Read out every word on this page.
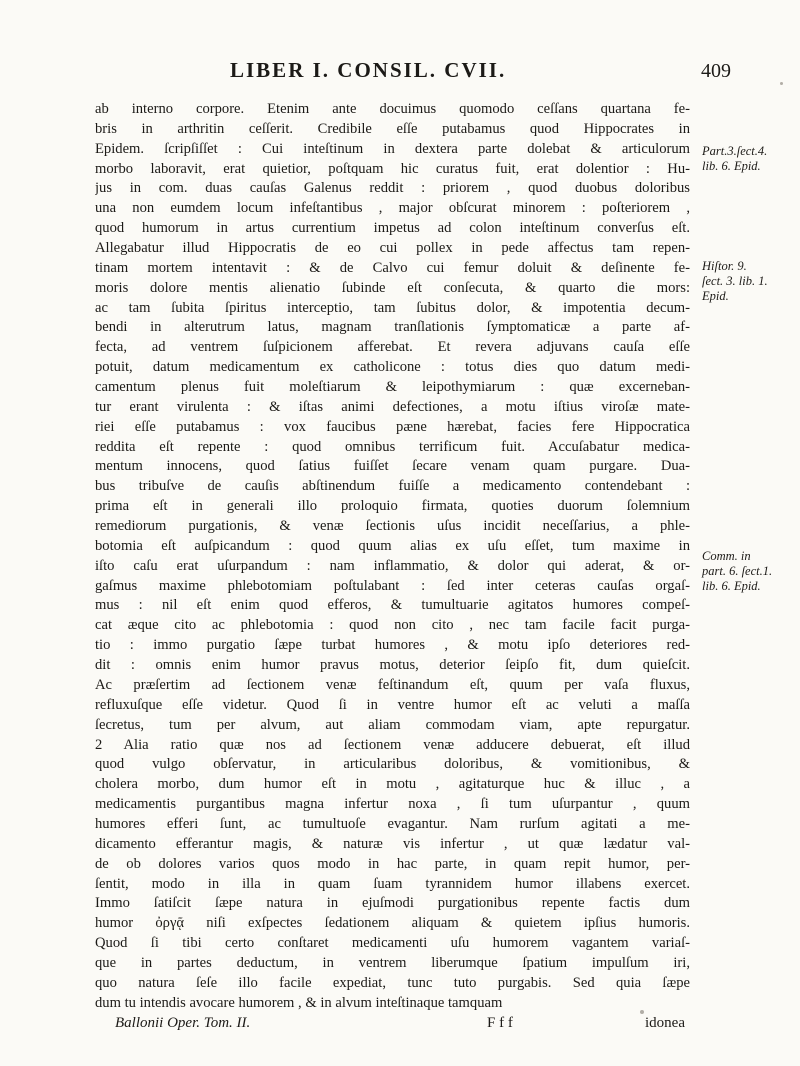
LIBER I. CONSIL. CVII.	409
ab interno corpore. Etenim ante docuimus quomodo ceſſans quartana fe-
bris in arthritin ceſſerit. Credibile eſſe putabamus quod Hippocrates in
Epidem. ſcripſiſſet : Cui inteſtinum in dextera parte dolebat & articulorum
morbo laboravit, erat quietior, poſtquam hic curatus fuit, erat dolentior : Hu-
jus in com. duas cauſas Galenus reddit : priorem , quod duobus doloribus
una non eumdem locum infeſtantibus , major obſcurat minorem : poſteriorem ,
quod humorum in artus currentium impetus ad colon inteſtinum converſus eſt.
Allegabatur illud Hippocratis de eo cui pollex in pede affectus tam repen-
tinam mortem intentavit : & de Calvo cui femur doluit & deſinente fe-
moris dolore mentis alienatio ſubinde eſt conſecuta, & quarto die mors:
ac tam ſubita ſpiritus interceptio, tam ſubitus dolor, & impotentia decum-
bendi in alterutrum latus, magnam tranſlationis ſymptomaticæ a parte af-
fecta, ad ventrem ſuſpicionem afferebat. Et revera adjuvans cauſa eſſe
potuit, datum medicamentum ex catholicone : totus dies quo datum medi-
camentum plenus fuit moleſtiarum & leipothymiarum : quæ excerneban-
tur erant virulenta : & iſtas animi defectiones, a motu iſtius viroſæ mate-
riei eſſe putabamus : vox faucibus pæne hærebat, facies fere Hippocratica
reddita eſt repente : quod omnibus terrificum fuit. Accuſabatur medica-
mentum innocens, quod ſatius fuiſſet ſecare venam quam purgare. Dua-
bus tribuſve de cauſis abſtinendum fuiſſe a medicamento contendebant :
prima eſt in generali illo proloquio firmata, quoties duorum ſolemnium
remediorum purgationis, & venæ ſectionis uſus incidit neceſſarius, a phle-
botomia eſt auſpicandum : quod quum alias ex uſu eſſet, tum maxime in
iſto caſu erat uſurpandum : nam inflammatio, & dolor qui aderat, & or-
gaſmus maxime phlebotomiam poſtulabant : ſed inter ceteras cauſas orgaſ-
mus : nil eſt enim quod efferos, & tumultuarie agitatos humores compeſ-
cat æque cito ac phlebotomia : quod non cito , nec tam facile facit purga-
tio : immo purgatio ſæpe turbat humores , & motu ipſo deteriores red-
dit : omnis enim humor pravus motus, deterior ſeipſo fit, dum quieſcit.
Ac præſertim ad ſectionem venæ feſtinandum eſt, quum per vaſa fluxus,
refluxuſque eſſe videtur. Quod ſi in ventre humor eſt ac veluti a maſſa
ſecretus, tum per alvum, aut aliam commodam viam, apte repurgatur.
2 Alia ratio quæ nos ad ſectionem venæ adducere debuerat, eſt illud
quod vulgo obſervatur, in articularibus doloribus, & vomitionibus, &
cholera morbo, dum humor eſt in motu , agitaturque huc & illuc , a
medicamentis purgantibus magna infertur noxa , ſi tum uſurpantur , quum
humores efferi ſunt, ac tumultuoſe evagantur. Nam rurſum agitati a me-
dicamento efferantur magis, & naturæ vis infertur , ut quæ lædatur val-
de ob dolores varios quos modo in hac parte, in quam repit humor, per-
ſentit, modo in illa in quam ſuam tyrannidem humor illabens exercet.
Immo ſatiſcit ſæpe natura in ejuſmodi purgationibus repente factis dum
humor ὀργᾷ niſi exſpectes ſedationem aliquam & quietem ipſius humoris.
Quod ſi tibi certo conſtaret medicamenti uſu humorem vagantem variaſ-
que in partes deductum, in ventrem liberumque ſpatium impulſum iri,
quo natura ſeſe illo facile expediat, tunc tuto purgabis. Sed quia ſæpe
dum tu intendis avocare humorem , & in alvum inteſtinaque tamquam
Part.3.ſect.4.
lib. 6. Epid.
Hiſtor. 9.
ſect. 3. lib. 1.
Epid.
Comm. in
part. 6. ſect.1.
lib. 6. Epid.
Ballonii Oper. Tom. II.	F f f	idonea
